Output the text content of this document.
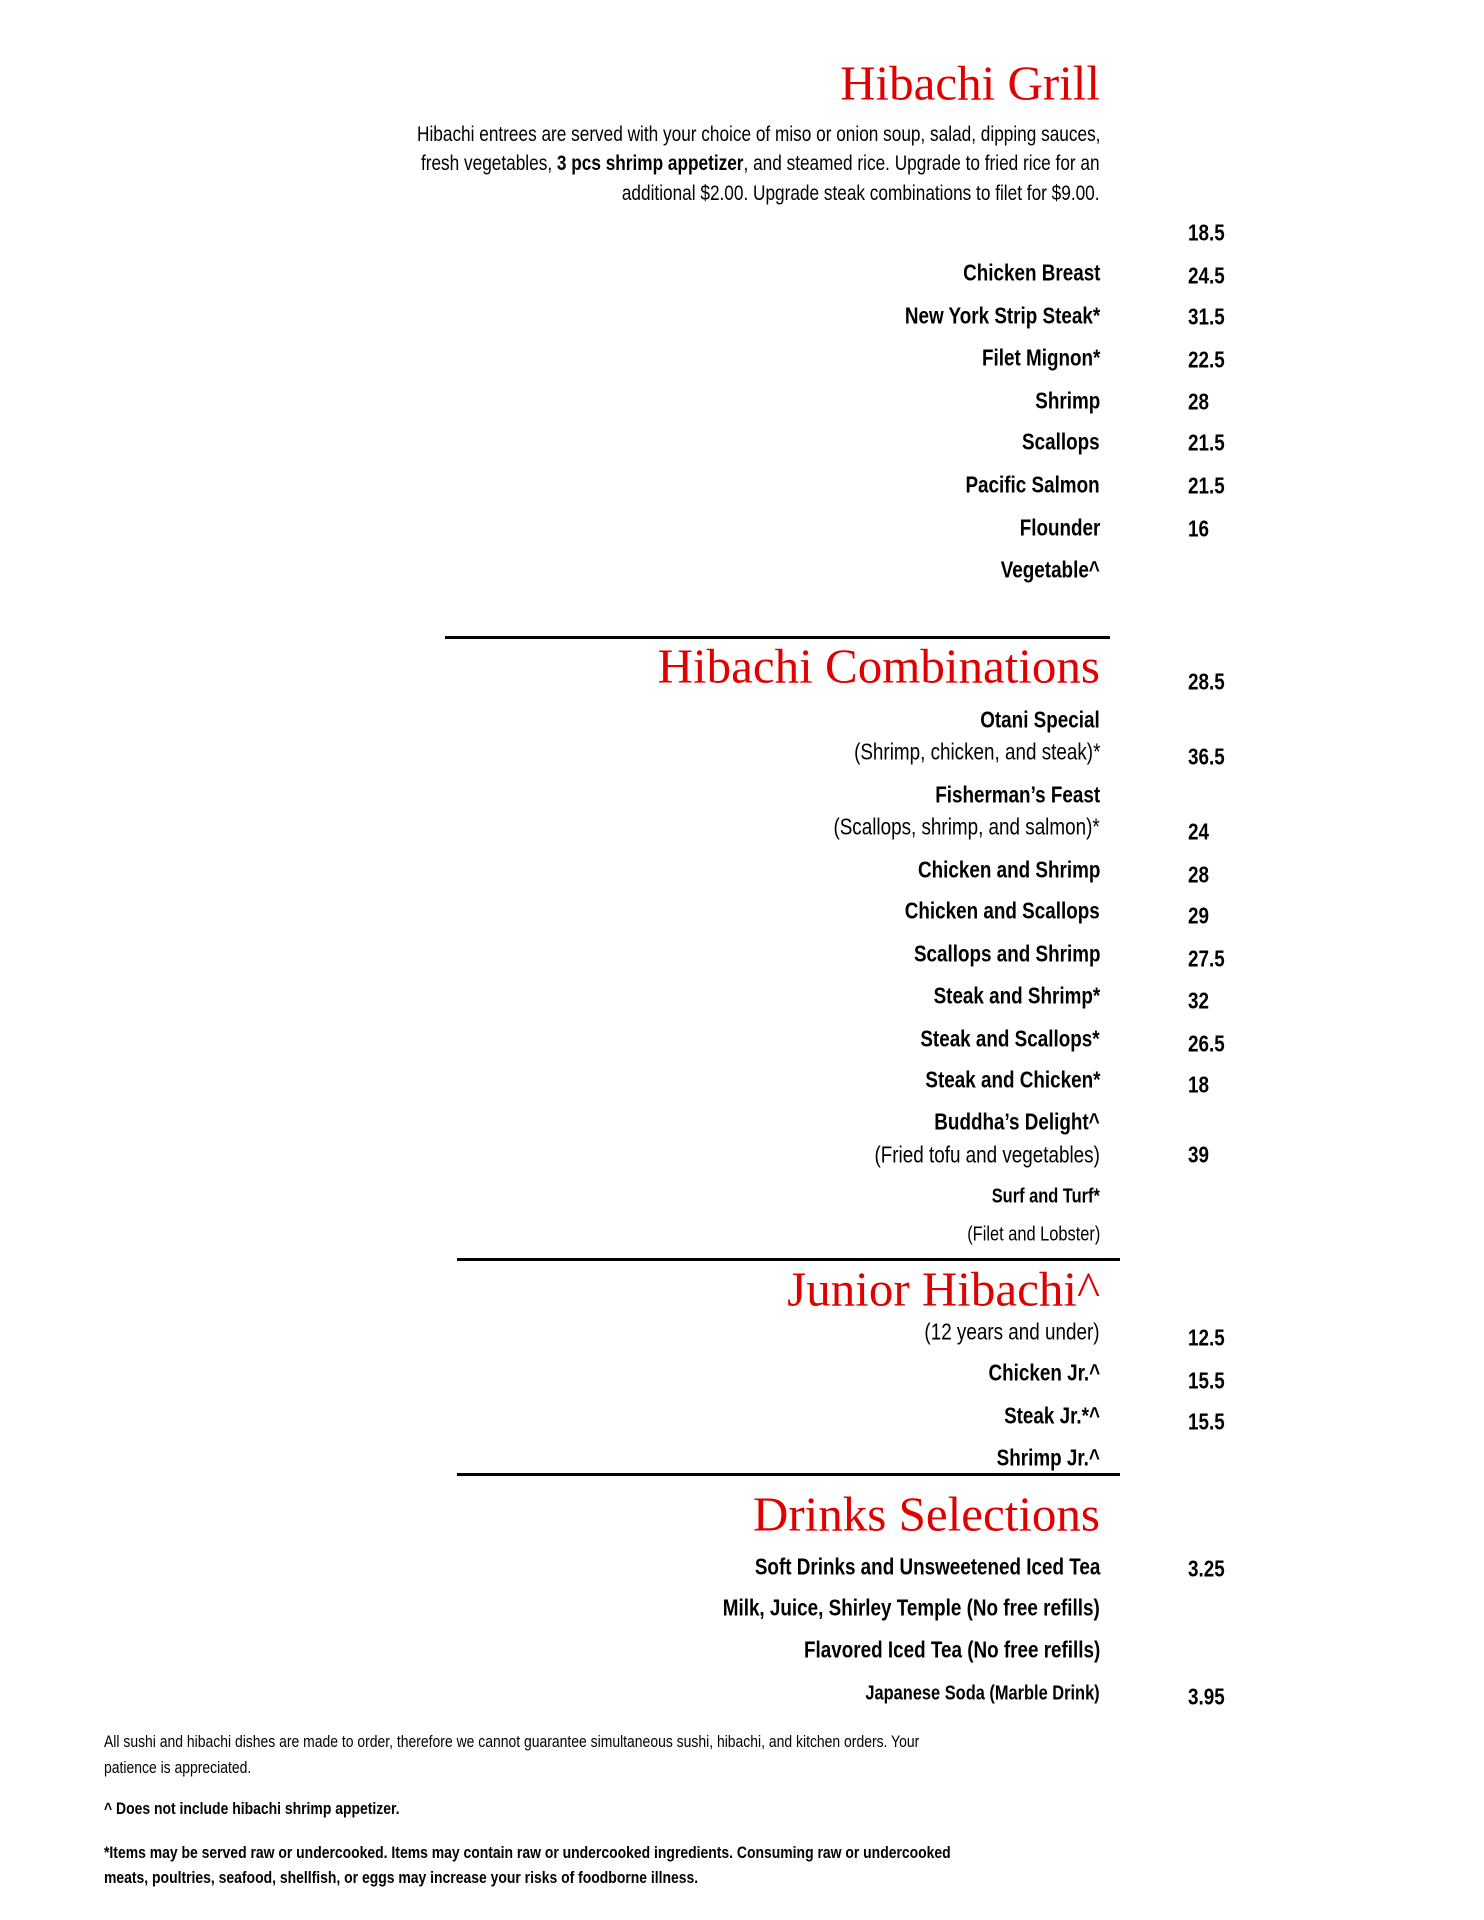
Hibachi Grill
Hibachi entrees are served with your choice of miso or onion soup, salad, dipping sauces,
fresh vegetables, 3 pcs shrimp appetizer, and steamed rice. Upgrade to fried rice for an
additional $2.00. Upgrade steak combinations to filet for $9.00.
Chicken Breast
New York Strip Steak*
Filet Mignon*
Shrimp
Scallops
Pacific Salmon
Flounder
Vegetable^
18.5
24.5
31.5
22.5
28
21.5
21.5
16
Hibachi Combinations
Otani Special
(Shrimp, chicken, and steak)*
Fisherman’s Feast
(Scallops, shrimp, and salmon)*
Chicken and Shrimp
Chicken and Scallops
Scallops and Shrimp
Steak and Shrimp*
Steak and Scallops*
Steak and Chicken*
Buddha’s Delight^
(Fried tofu and vegetables)
Surf and Turf*
(Filet and Lobster)
28.5
36.5
24
28
29
27.5
32
26.5
18
39
Junior Hibachi^
(12 years and under)
Chicken Jr.^
Steak Jr.*^
Shrimp Jr.^
12.5
15.5
15.5
Drinks Selections
Soft Drinks and Unsweetened Iced Tea
Milk, Juice, Shirley Temple (No free refills)
Flavored Iced Tea (No free refills)
Japanese Soda (Marble Drink)
3.25
3.95
All sushi and hibachi dishes are made to order, therefore we cannot guarantee simultaneous sushi, hibachi, and kitchen orders. Your
patience is appreciated.
^ Does not include hibachi shrimp appetizer.
*Items may be served raw or undercooked. Items may contain raw or undercooked ingredients. Consuming raw or undercooked
meats, poultries, seafood, shellfish, or eggs may increase your risks of foodborne illness.
